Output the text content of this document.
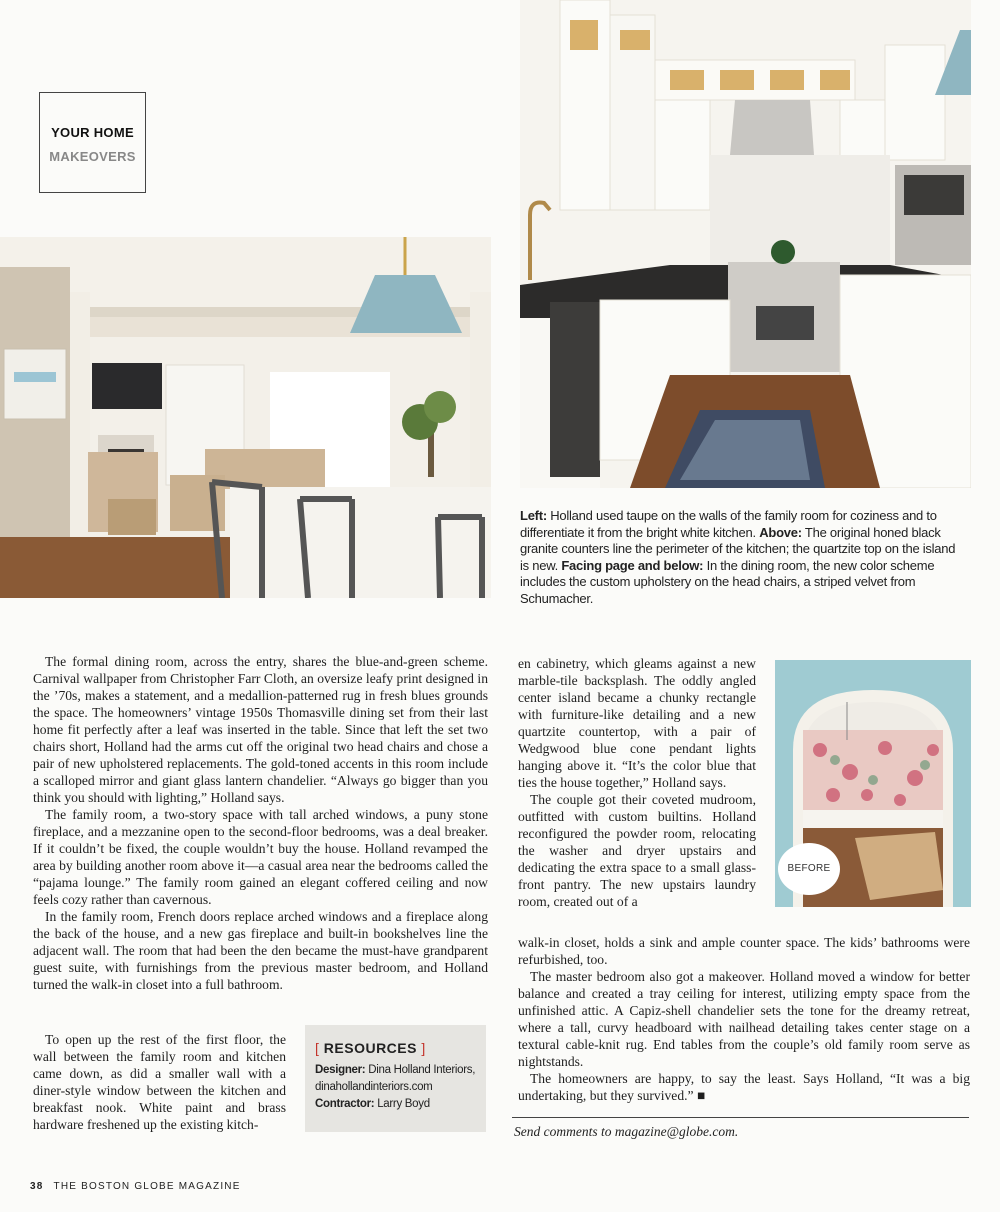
YOUR HOME
MAKEOVERS
Left: Holland used taupe on the walls of the family room for coziness and to differentiate it from the bright white kitchen. Above: The original honed black granite counters line the perimeter of the kitchen; the quartzite top on the island is new. Facing page and below: In the dining room, the new color scheme includes the custom upholstery on the head chairs, a striped velvet from Schumacher.

The formal dining room, across the entry, shares the blue-and-green scheme. Carnival wallpaper from Christopher Farr Cloth, an oversize leafy print designed in the ’70s, makes a statement, and a medallion-patterned rug in fresh blues grounds the space. The homeowners’ vintage 1950s Thomasville dining set from their last home fit perfectly after a leaf was inserted in the table. Since that left the set two chairs short, Holland had the arms cut off the original two head chairs and chose a pair of new upholstered replacements. The gold-toned accents in this room include a scalloped mirror and giant glass lantern chandelier. “Always go bigger than you think you should with lighting,” Holland says.

The family room, a two-story space with tall arched windows, a puny stone fireplace, and a mezzanine open to the second-floor bedrooms, was a deal breaker. If it couldn’t be fixed, the couple wouldn’t buy the house. Holland revamped the area by building another room above it—a casual area near the bedrooms called the “pajama lounge.” The family room gained an elegant coffered ceiling and now feels cozy rather than cavernous.

In the family room, French doors replace arched windows and a fireplace along the back of the house, and a new gas fireplace and built-in bookshelves line the adjacent wall. The room that had been the den became the must-have grandparent guest suite, with furnishings from the previous master bedroom, and Holland turned the walk-in closet into a full bathroom.

To open up the rest of the first floor, the wall between the family room and kitchen came down, as did a smaller wall with a diner-style window between the kitchen and breakfast nook. White paint and brass hardware freshened up the existing kitch-

[ RESOURCES ]
Designer: Dina Holland Interiors,
dinahollandinteriors.com
Contractor: Larry Boyd

en cabinetry, which gleams against a new marble-tile backsplash. The oddly angled center island became a chunky rectangle with furniture-like detailing and a new quartzite countertop, with a pair of Wedgwood blue cone pendant lights hanging above it. “It’s the color blue that ties the house together,” Holland says.

The couple got their coveted mudroom, outfitted with custom builtins. Holland reconfigured the powder room, relocating the washer and dryer upstairs and dedicating the extra space to a small glass-front pantry. The new upstairs laundry room, created out of a

walk-in closet, holds a sink and ample counter space. The kids’ bathrooms were refurbished, too.

The master bedroom also got a makeover. Holland moved a window for better balance and created a tray ceiling for interest, utilizing empty space from the unfinished attic. A Capiz-shell chandelier sets the tone for the dreamy retreat, where a tall, curvy headboard with nailhead detailing takes center stage on a textural cable-knit rug. End tables from the couple’s old family room serve as nightstands.

The homeowners are happy, to say the least. Says Holland, “It was a big undertaking, but they survived.” ■

BEFORE
Send comments to magazine@globe.com.
38 THE BOSTON GLOBE MAGAZINE
